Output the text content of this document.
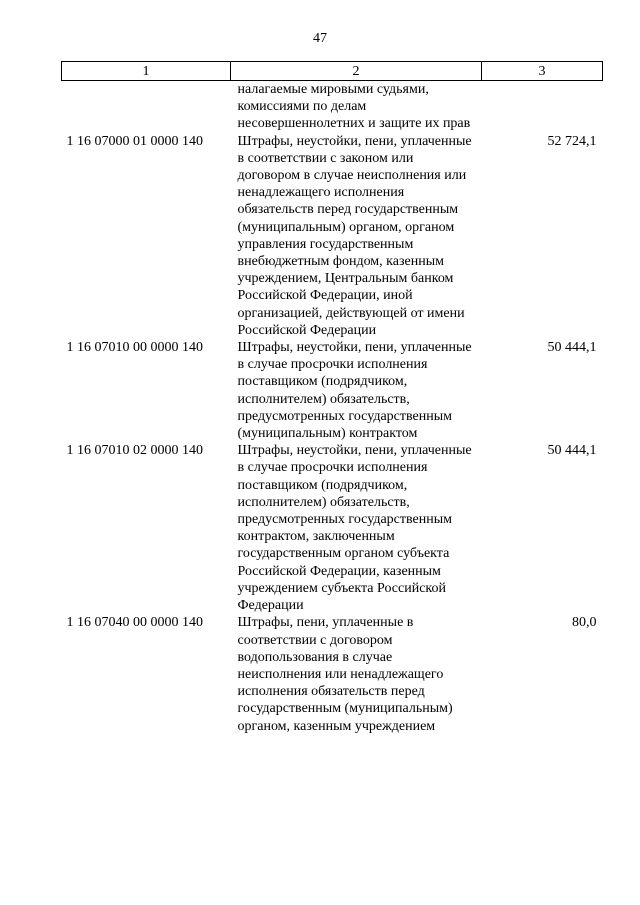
47
1	2	3
	налагаемые мировыми судьями, комиссиями по делам несовершеннолетних и защите их прав	
1 16 07000 01 0000 140	Штрафы, неустойки, пени, уплаченные в соответствии с законом или договором в случае неисполнения или ненадлежащего исполнения обязательств перед государственным (муниципальным) органом, органом управления государственным внебюджетным фондом, казенным учреждением, Центральным банком Российской Федерации, иной организацией, действующей от имени Российской Федерации	52 724,1
1 16 07010 00 0000 140	Штрафы, неустойки, пени, уплаченные в случае просрочки исполнения поставщиком (подрядчиком, исполнителем) обязательств, предусмотренных государственным (муниципальным) контрактом	50 444,1
1 16 07010 02 0000 140	Штрафы, неустойки, пени, уплаченные в случае просрочки исполнения поставщиком (подрядчиком, исполнителем) обязательств, предусмотренных государственным контрактом, заключенным государственным органом субъекта Российской Федерации, казенным учреждением субъекта Российской Федерации	50 444,1
1 16 07040 00 0000 140	Штрафы, пени, уплаченные в соответствии с договором водопользования в случае неисполнения или ненадлежащего исполнения обязательств перед государственным (муниципальным) органом, казенным учреждением	80,0
